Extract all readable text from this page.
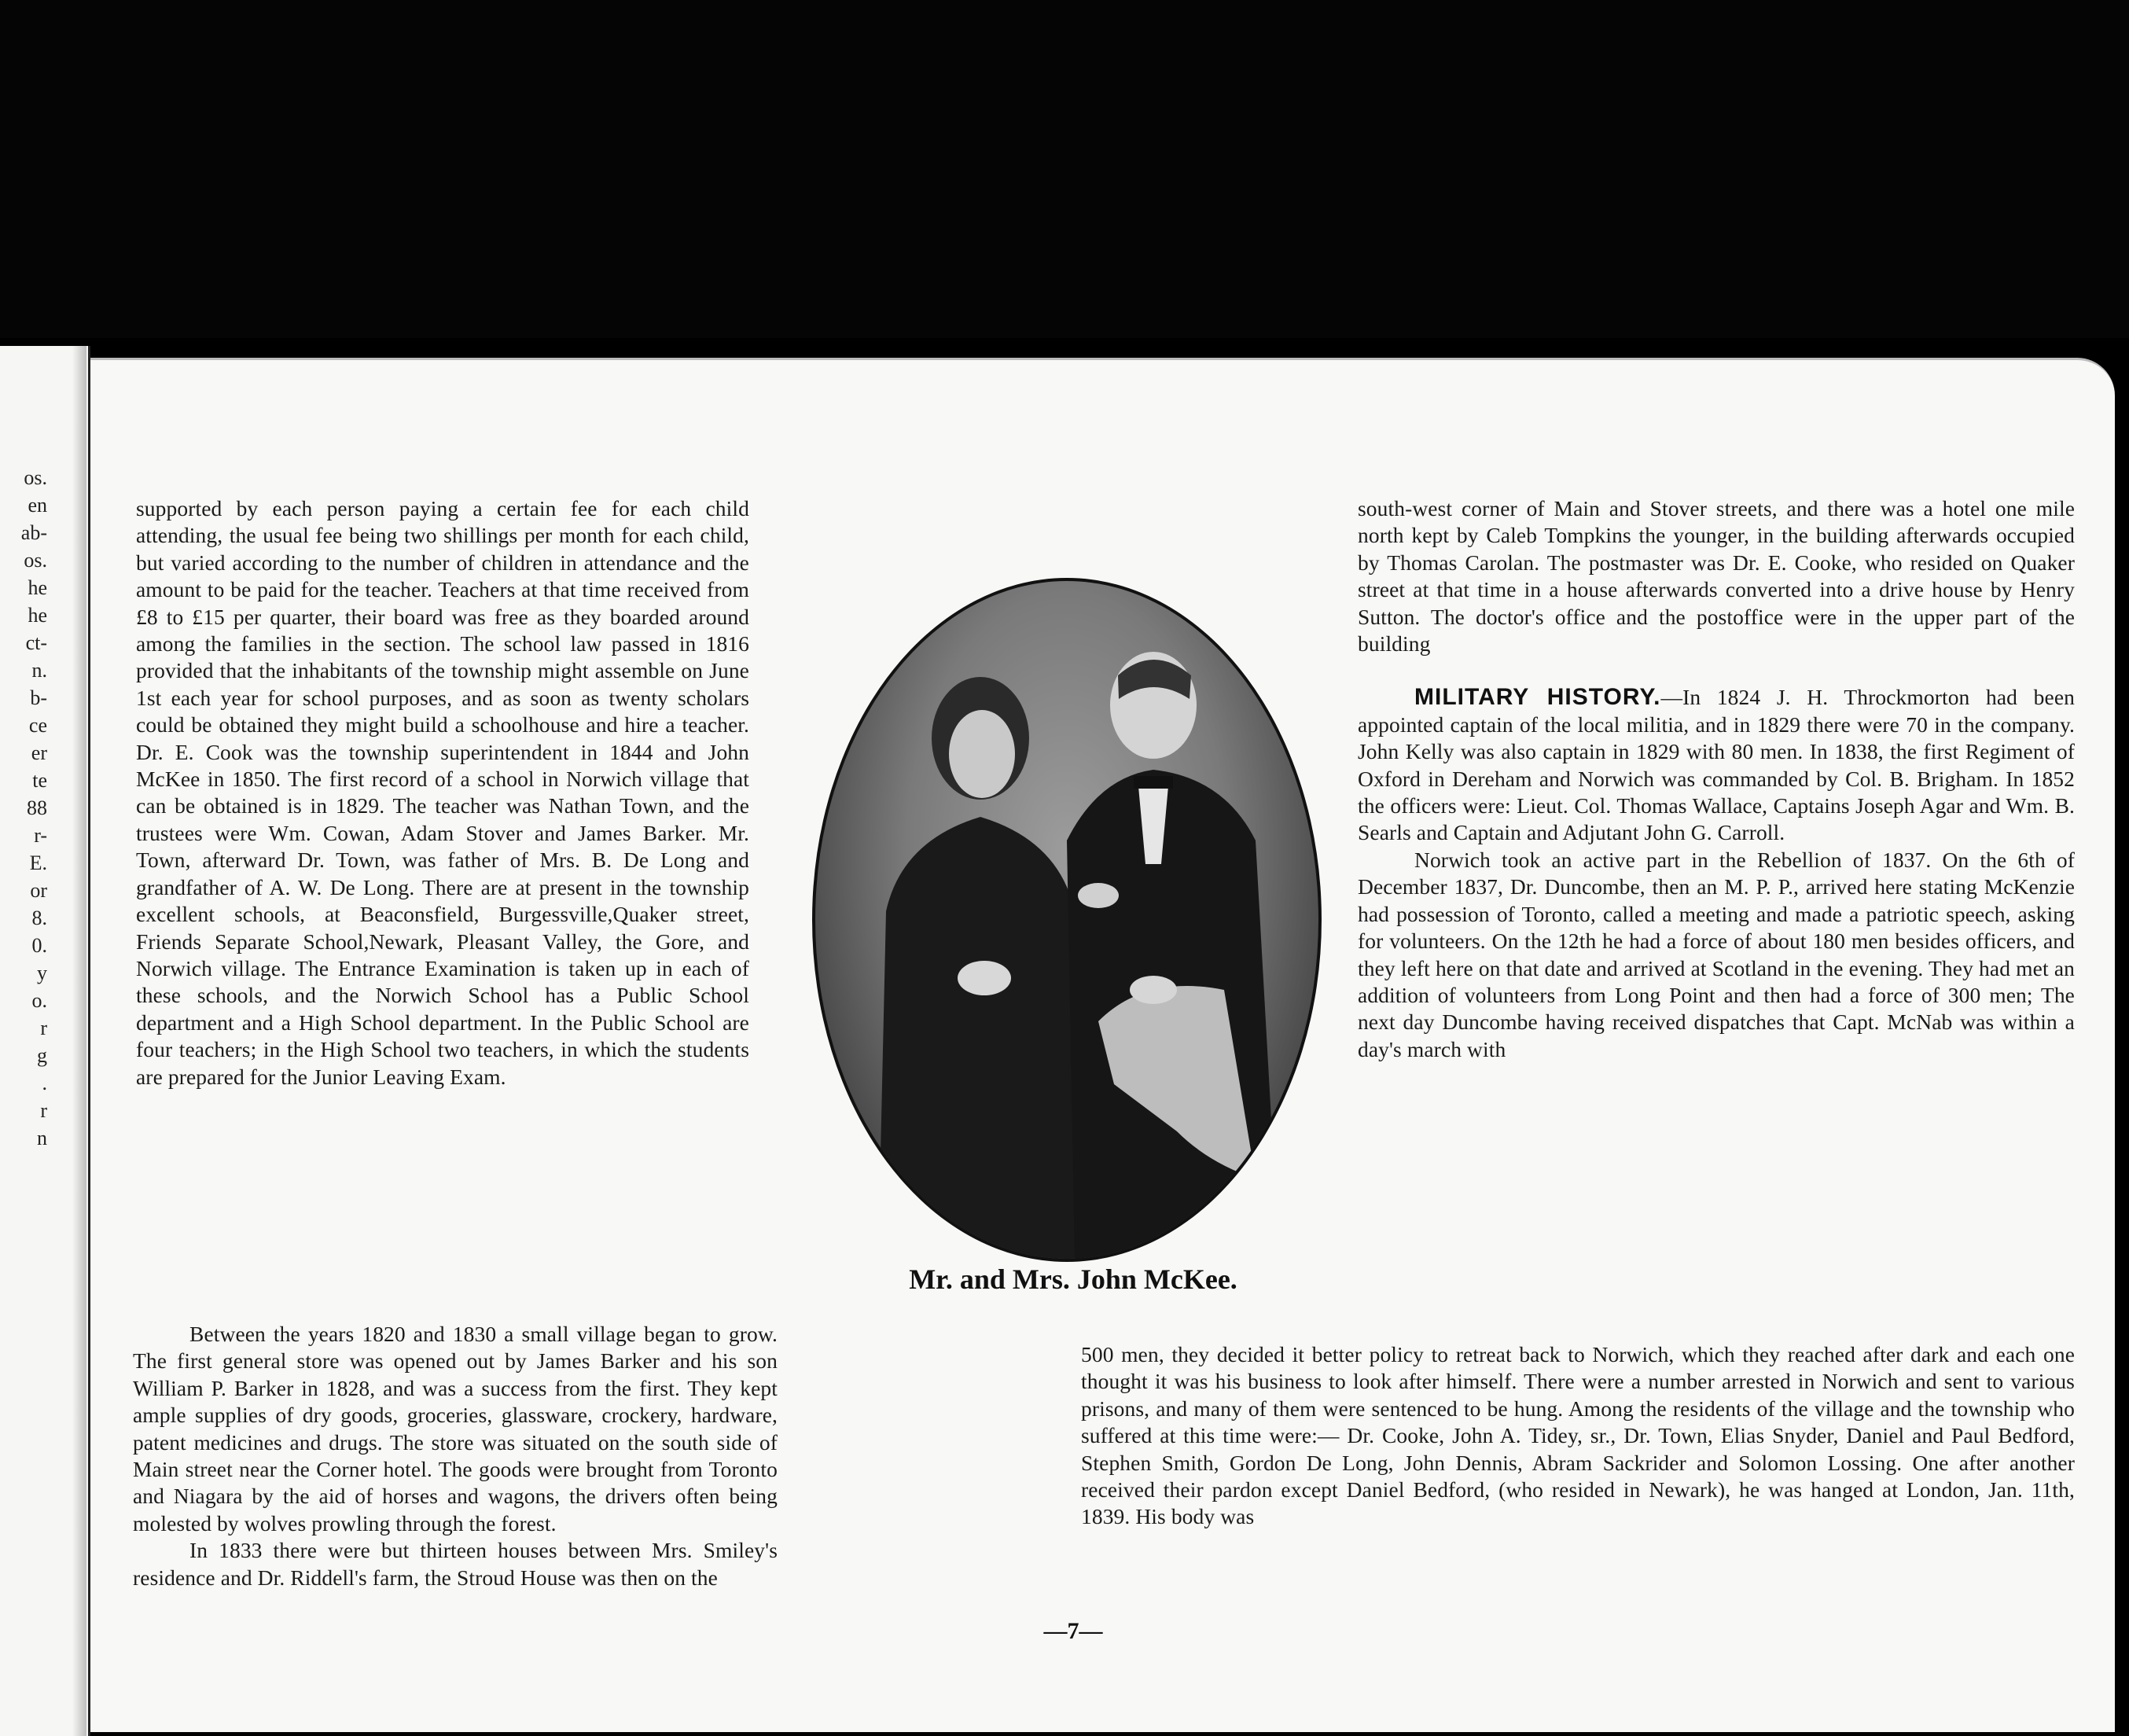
os.
en
ab-
os.
he
he
ct-
n.
b-
ce
er
te
88
r-
E.
or
8.
0.
y
o.
r
g
.
r
n

supported by each person paying a certain fee for each child attending, the usual fee being two shillings per month for each child, but varied according to the number of children in attendance and the amount to be paid for the teacher. Teachers at that time received from £8 to £15 per quarter, their board was free as they boarded around among the families in the section. The school law passed in 1816 provided that the inhabitants of the township might assemble on June 1st each year for school purposes, and as soon as twenty scholars could be obtained they might build a schoolhouse and hire a teacher. Dr. E. Cook was the township superintendent in 1844 and John McKee in 1850. The first record of a school in Norwich village that can be obtained is in 1829. The teacher was Nathan Town, and the trustees were Wm. Cowan, Adam Stover and James Barker. Mr. Town, afterward Dr. Town, was father of Mrs. B. De Long and grandfather of A. W. De Long. There are at present in the township excellent schools, at Beaconsfield, Burgessville,Quaker street, Friends Separate School,Newark, Pleasant Valley, the Gore, and Norwich village. The Entrance Examination is taken up in each of these schools, and the Norwich School has a Public School department and a High School department. In the Public School are four teachers; in the High School two teachers, in which the students are prepared for the Junior Leaving Exam.

Mr. and Mrs. John McKee.

south-west corner of Main and Stover streets, and there was a hotel one mile north kept by Caleb Tompkins the younger, in the building afterwards occupied by Thomas Carolan. The postmaster was Dr. E. Cooke, who resided on Quaker street at that time in a house afterwards converted into a drive house by Henry Sutton. The doctor's office and the postoffice were in the upper part of the building

MILITARY HISTORY.—In 1824 J. H. Throckmorton had been appointed captain of the local militia, and in 1829 there were 70 in the company. John Kelly was also captain in 1829 with 80 men. In 1838, the first Regiment of Oxford in Dereham and Norwich was commanded by Col. B. Brigham. In 1852 the officers were: Lieut. Col. Thomas Wallace, Captains Joseph Agar and Wm. B. Searls and Captain and Adjutant John G. Carroll.

Norwich took an active part in the Rebellion of 1837. On the 6th of December 1837, Dr. Duncombe, then an M. P. P., arrived here stating McKenzie had possession of Toronto, called a meeting and made a patriotic speech, asking for volunteers. On the 12th he had a force of about 180 men besides officers, and they left here on that date and arrived at Scotland in the evening. They had met an addition of volunteers from Long Point and then had a force of 300 men; The next day Duncombe having received dispatches that Capt. McNab was within a day's march with

Between the years 1820 and 1830 a small village began to grow. The first general store was opened out by James Barker and his son William P. Barker in 1828, and was a success from the first. They kept ample supplies of dry goods, groceries, glassware, crockery, hardware, patent medicines and drugs. The store was situated on the south side of Main street near the Corner hotel. The goods were brought from Toronto and Niagara by the aid of horses and wagons, the drivers often being molested by wolves prowling through the forest.

In 1833 there were but thirteen houses between Mrs. Smiley's residence and Dr. Riddell's farm, the Stroud House was then on the

500 men, they decided it better policy to retreat back to Norwich, which they reached after dark and each one thought it was his business to look after himself. There were a number arrested in Norwich and sent to various prisons, and many of them were sentenced to be hung. Among the residents of the village and the township who suffered at this time were:— Dr. Cooke, John A. Tidey, sr., Dr. Town, Elias Snyder, Daniel and Paul Bedford, Stephen Smith, Gordon De Long, John Dennis, Abram Sackrider and Solomon Lossing. One after another received their pardon except Daniel Bedford, (who resided in Newark), he was hanged at London, Jan. 11th, 1839. His body was

—7—
